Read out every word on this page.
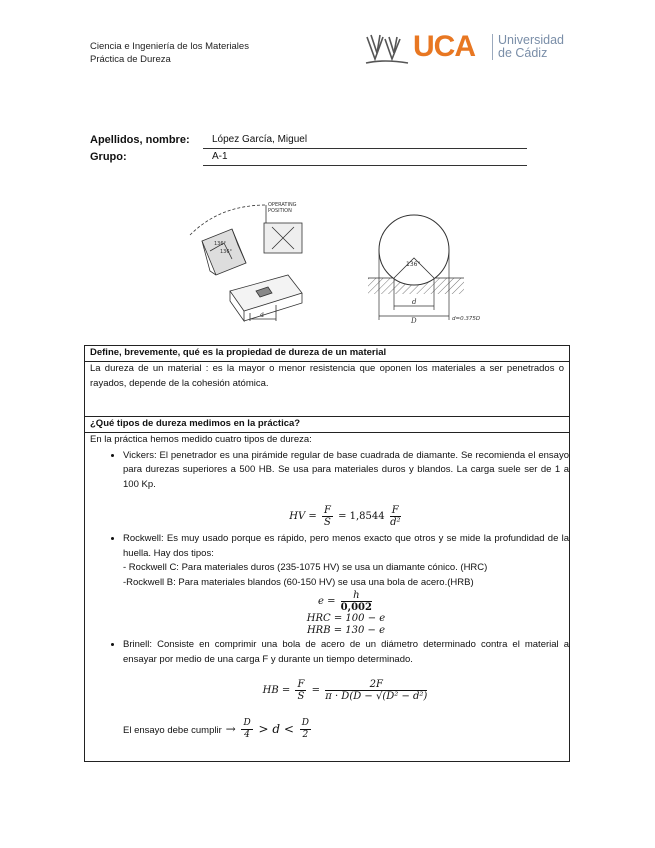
Ciencia e Ingeniería de los Materiales
Práctica de Dureza	UCA Universidad
de Cádiz
Apellidos, nombre: López García, Miguel
Grupo:	A-1
OPERATING
POSITION
136°
136°
d
136°
d
D	d=0.375D
Define, brevemente, qué es la propiedad de dureza de un material
La dureza de un material : es la mayor o menor resistencia que oponen los materiales a ser penetrados o rayados, depende de la cohesión atómica.
¿Qué tipos de dureza medimos en la práctica?
En la práctica hemos medido cuatro tipos de dureza:
• Vickers: El penetrador es una pirámide regular de base cuadrada de diamante. Se recomienda el ensayo para durezas superiores a 500 HB. Se usa para materiales duros y blandos. La carga suele ser de 1 a 100 Kp.
HV = $\frac{F}{S} = 1,8544 \frac{F}{\text{d²}}$
• Rockwell: Es muy usado porque es rápido, pero menos exacto que otros y se mide la profundidad de la huella. Hay dos tipos:
- Rockwell C: Para materiales duros (235-1075 HV) se usa un diamante cónico. (HRC)
-Rockwell B: Para materiales blandos (60-150 HV) se usa una bola de acero.(HRB)
$e = \frac{h}{0,002}$
HRC = 100 − e
HRB = 130 − e
• Brinell: Consiste en comprimir una bola de acero de un diámetro determinado contra el material a ensayar por medio de una carga F y durante un tiempo determinado.
HB = $\frac{F}{S} = \frac{2F}{\text{π · D(D − √(D² − d²)}}$
El ensayo debe cumplir → $\frac{D}{4} > d < \frac{D}{2}$
